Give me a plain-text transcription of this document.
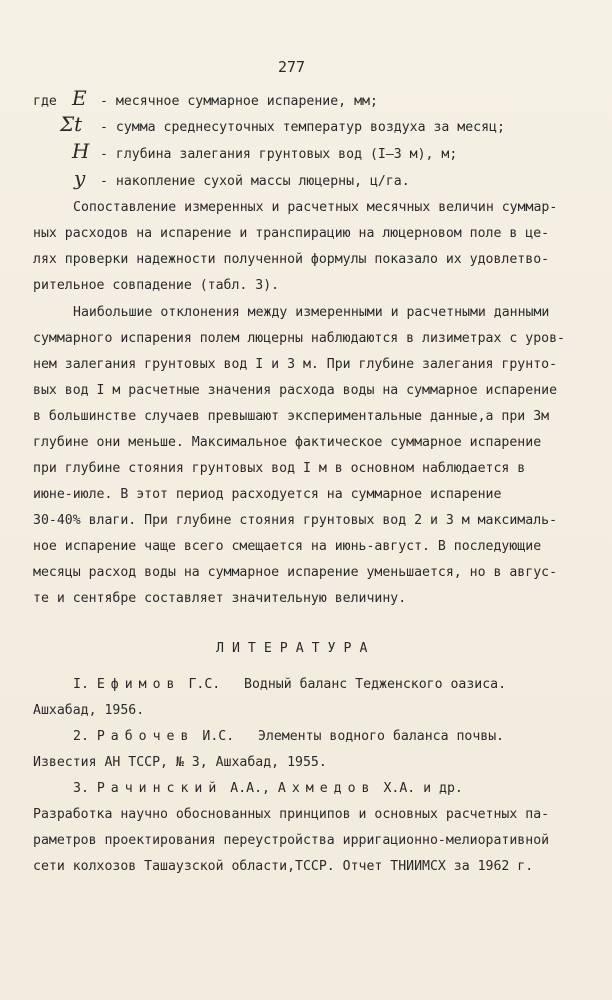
277
где E - месячное суммарное испарение, мм;
Σt - сумма среднесуточных температур воздуха за месяц;
H - глубина залегания грунтовых вод (I–3 м), м;
y - накопление сухой массы люцерны, ц/га.
Сопоставление измеренных и расчетных месячных величин суммар-
ных расходов на испарение и транспирацию на люцерновом поле в це-
лях проверки надежности полученной формулы показало их удовлетво-
рительное совпадение (табл. 3).
Наибольшие отклонения между измеренными и расчетными данными
суммарного испарения полем люцерны наблюдаются в лизиметрах с уров-
нем залегания грунтовых вод I и 3 м. При глубине залегания грунто-
вых вод I м расчетные значения расхода воды на суммарное испарение
в большинстве случаев превышают экспериментальные данные,а при 3м
глубине они меньше. Максимальное фактическое суммарное испарение
при глубине стояния грунтовых вод I м в основном наблюдается в
июне-июле. В этот период расходуется на суммарное испарение
30-40% влаги. При глубине стояния грунтовых вод 2 и 3 м максималь-
ное испарение чаще всего смещается на июнь-август. В последующие
месяцы расход воды на суммарное испарение уменьшается, но в авгус-
те и сентябре составляет значительную величину.
ЛИТЕРАТУРА
I. Ефимов Г.С. Водный баланс Тедженского оазиса.
Ашхабад, 1956.
2. Рабочев И.С. Элементы водного баланса почвы.
Известия АН ТССР, № 3, Ашхабад, 1955.
3. Рачинский А.А., Ахмедов Х.А. и др.
Разработка научно обоснованных принципов и основных расчетных па-
раметров проектирования переустройства ирригационно-мелиоративной
сети колхозов Ташаузской области,ТССР. Отчет ТНИИМСХ за 1962 г.
